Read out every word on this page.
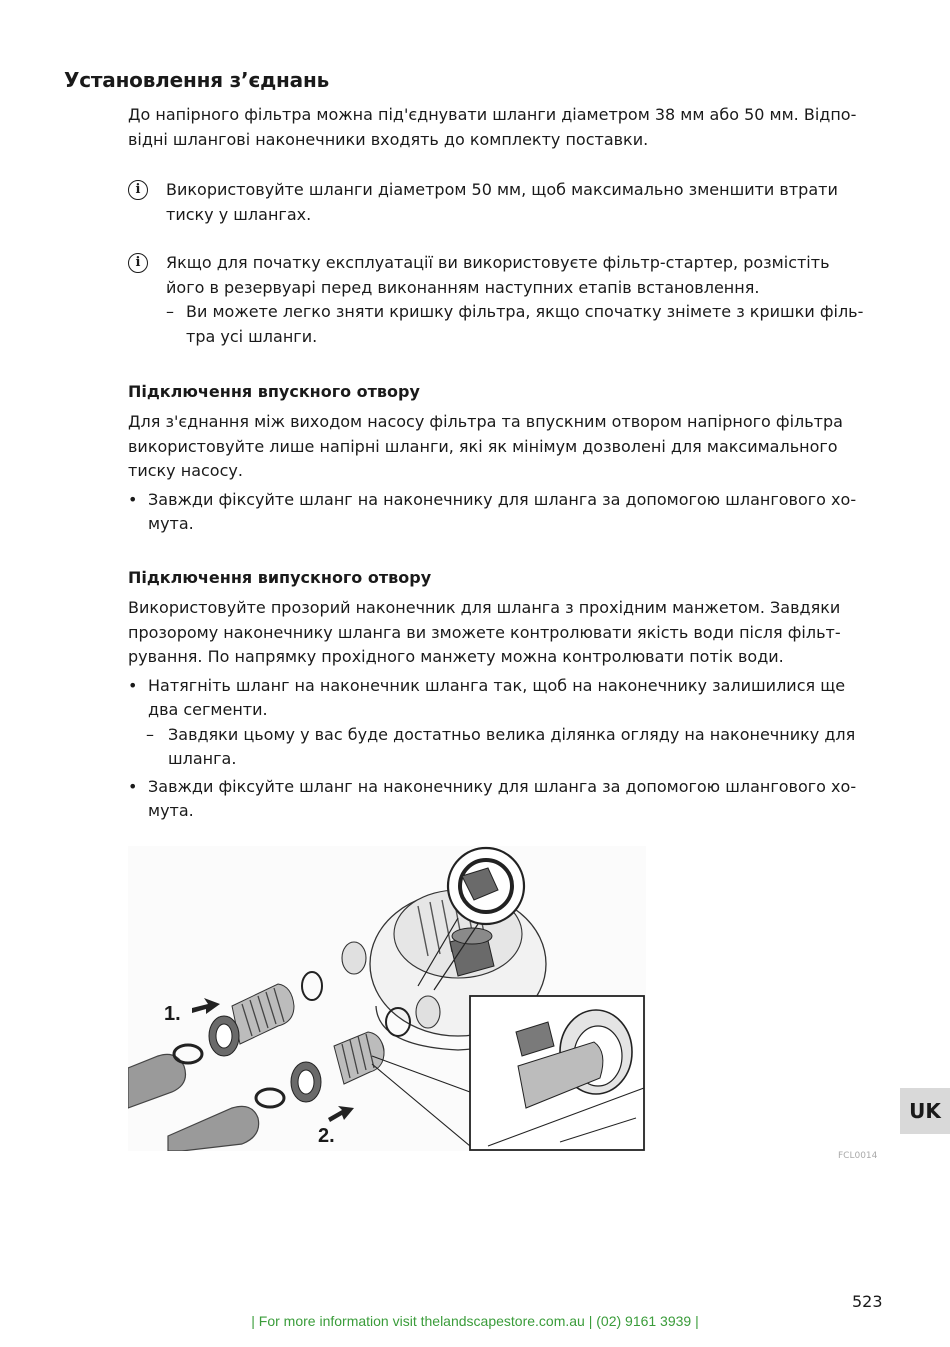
Установлення з’єднань

До напірного фільтра можна під'єднувати шланги діаметром 38 мм або 50 мм. Відпо-

відні шлангові наконечники входять до комплекту поставки.

i	Використовуйте шланги діаметром 50 мм, щоб максимально зменшити втрати

тиску у шлангах.

i	Якщо для початку експлуатації ви використовуєте фільтр-стартер, розмістіть

його в резервуарі перед виконанням наступних етапів встановлення.

– Ви можете легко зняти кришку фільтра, якщо спочатку знімете з кришки філь-

тра усі шланги.

Підключення впускного отвору

Для з'єднання між виходом насосу фільтра та впускним отвором напірного фільтра

використовуйте лише напірні шланги, які як мінімум дозволені для максимального

тиску насосу.

• Завжди фіксуйте шланг на наконечнику для шланга за допомогою шлангового хо-

мута.

Підключення випускного отвору

Використовуйте прозорий наконечник для шланга з прохідним манжетом. Завдяки

прозорому наконечнику шланга ви зможете контролювати якість води після фільт-

рування. По напрямку прохідного манжету можна контролювати потік води.

• Натягніть шланг на наконечник шланга так, щоб на наконечнику залишилися ще

два сегменти.

– Завдяки цьому у вас буде достатньо велика ділянка огляду на наконечнику для

шланга.

• Завжди фіксуйте шланг на наконечнику для шланга за допомогою шлангового хо-

мута.

1.
2.
FCL0014
UK
523
| For more information visit thelandscapestore.com.au | (02) 9161 3939 |
